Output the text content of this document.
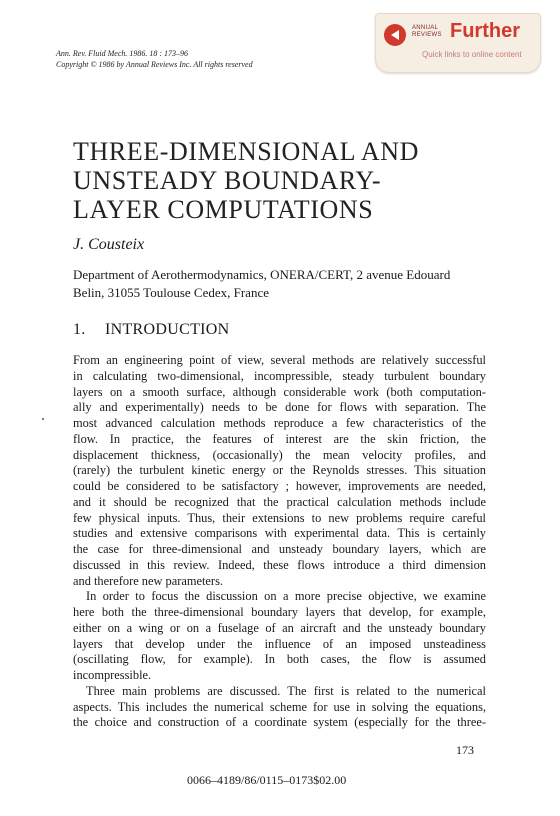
Ann. Rev. Fluid Mech. 1986. 18 : 173–96
Copyright © 1986 by Annual Reviews Inc. All rights reserved
ANNUAL
REVIEWS Further
Quick links to online content
THREE-DIMENSIONAL AND
UNSTEADY BOUNDARY-
LAYER COMPUTATIONS
J. Cousteix
Department of Aerothermodynamics, ONERA/CERT, 2 avenue Edouard
Belin, 31055 Toulouse Cedex, France
1. INTRODUCTION
From an engineering point of view, several methods are relatively successful
in calculating two-dimensional, incompressible, steady turbulent boundary
layers on a smooth surface, although considerable work (both computation-
ally and experimentally) needs to be done for flows with separation. The
most advanced calculation methods reproduce a few characteristics of the
flow. In practice, the features of interest are the skin friction, the
displacement thickness, (occasionally) the mean velocity profiles, and
(rarely) the turbulent kinetic energy or the Reynolds stresses. This situation
could be considered to be satisfactory ; however, improvements are needed,
and it should be recognized that the practical calculation methods include
few physical inputs. Thus, their extensions to new problems require careful
studies and extensive comparisons with experimental data. This is certainly
the case for three-dimensional and unsteady boundary layers, which are
discussed in this review. Indeed, these flows introduce a third dimension
and therefore new parameters.
In order to focus the discussion on a more precise objective, we examine
here both the three-dimensional boundary layers that develop, for example,
either on a wing or on a fuselage of an aircraft and the unsteady boundary
layers that develop under the influence of an imposed unsteadiness
(oscillating flow, for example). In both cases, the flow is assumed
incompressible.
Three main problems are discussed. The first is related to the numerical
aspects. This includes the numerical scheme for use in solving the equations,
the choice and construction of a coordinate system (especially for the three-
173
0066–4189/86/0115–0173$02.00
